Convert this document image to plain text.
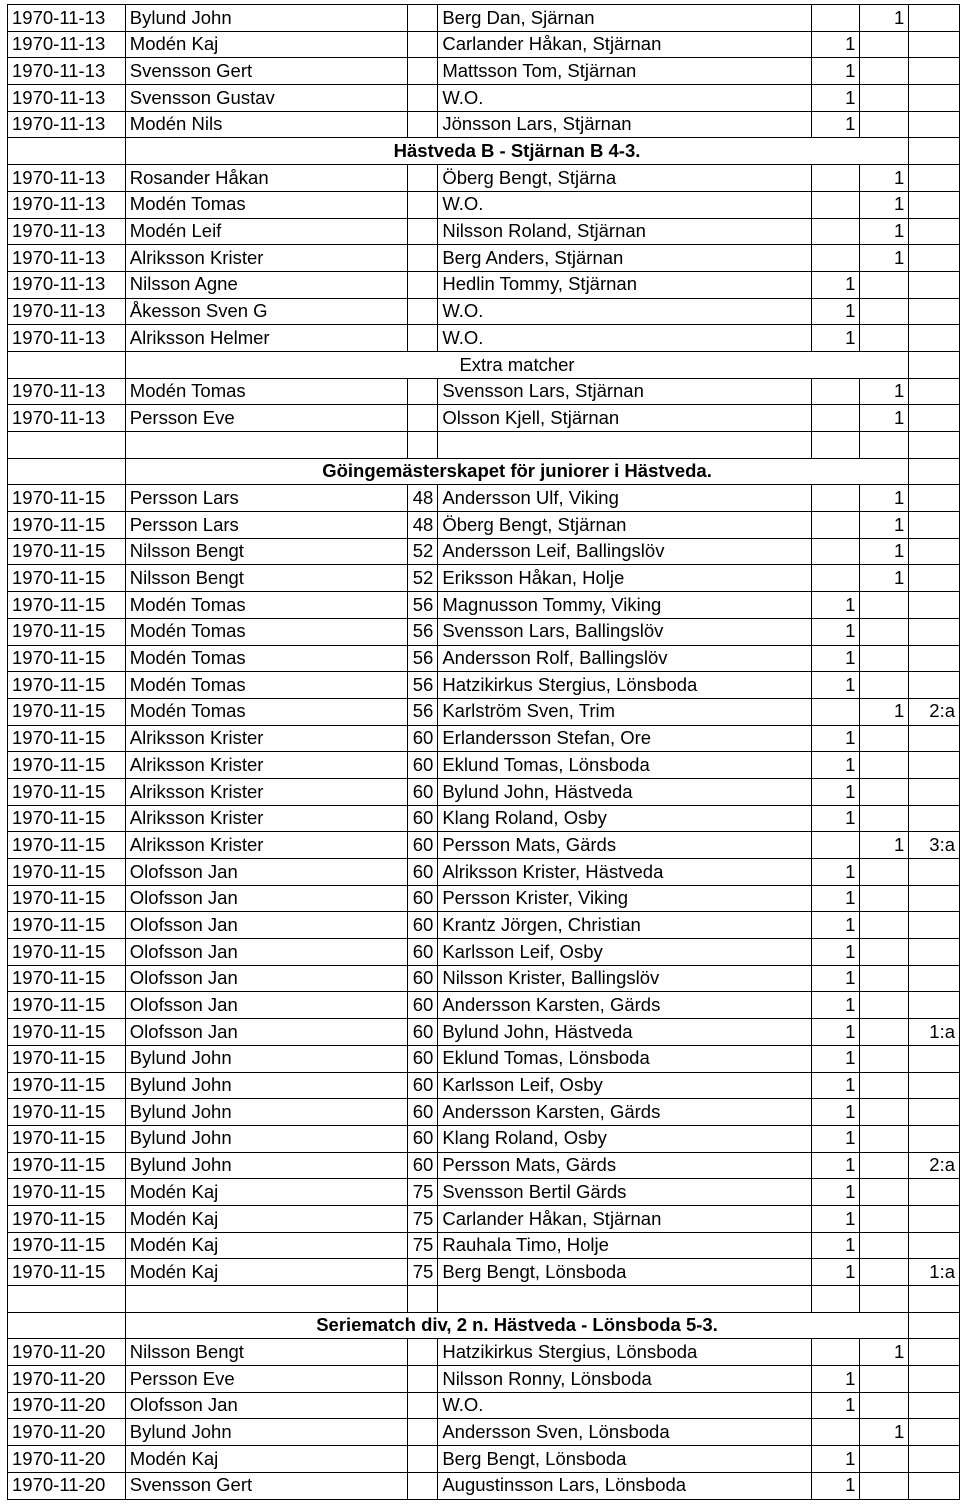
1970-11-13	Bylund John		Berg Dan, Sjärnan		1	
1970-11-13	Modén Kaj		Carlander Håkan, Stjärnan	1		
1970-11-13	Svensson Gert		Mattsson Tom, Stjärnan	1		
1970-11-13	Svensson Gustav		W.O.	1		
1970-11-13	Modén Nils		Jönsson Lars, Stjärnan	1		
	Hästveda B - Stjärnan B 4-3.					
1970-11-13	Rosander Håkan		Öberg Bengt, Stjärna		1	
1970-11-13	Modén Tomas		W.O.		1	
1970-11-13	Modén Leif		Nilsson Roland, Stjärnan		1	
1970-11-13	Alriksson Krister		Berg Anders, Stjärnan		1	
1970-11-13	Nilsson Agne		Hedlin Tommy, Stjärnan	1		
1970-11-13	Åkesson Sven G		W.O.	1		
1970-11-13	Alriksson Helmer		W.O.	1		
	Extra matcher					
1970-11-13	Modén Tomas		Svensson Lars, Stjärnan		1	
1970-11-13	Persson Eve		Olsson Kjell, Stjärnan		1	

	Göingemästerskapet för juniorer i Hästveda.					
1970-11-15	Persson Lars	48	Andersson Ulf, Viking		1	
1970-11-15	Persson Lars	48	Öberg Bengt, Stjärnan		1	
1970-11-15	Nilsson Bengt	52	Andersson Leif, Ballingslöv		1	
1970-11-15	Nilsson Bengt	52	Eriksson Håkan, Holje		1	
1970-11-15	Modén Tomas	56	Magnusson Tommy, Viking	1		
1970-11-15	Modén Tomas	56	Svensson Lars, Ballingslöv	1		
1970-11-15	Modén Tomas	56	Andersson Rolf, Ballingslöv	1		
1970-11-15	Modén Tomas	56	Hatzikirkus Stergius, Lönsboda	1		
1970-11-15	Modén Tomas	56	Karlström Sven, Trim		1	2:a
1970-11-15	Alriksson Krister	60	Erlandersson Stefan, Ore	1		
1970-11-15	Alriksson Krister	60	Eklund Tomas, Lönsboda	1		
1970-11-15	Alriksson Krister	60	Bylund John, Hästveda	1		
1970-11-15	Alriksson Krister	60	Klang Roland, Osby	1		
1970-11-15	Alriksson Krister	60	Persson Mats, Gärds		1	3:a
1970-11-15	Olofsson Jan	60	Alriksson Krister, Hästveda	1		
1970-11-15	Olofsson Jan	60	Persson Krister, Viking	1		
1970-11-15	Olofsson Jan	60	Krantz Jörgen, Christian	1		
1970-11-15	Olofsson Jan	60	Karlsson Leif, Osby	1		
1970-11-15	Olofsson Jan	60	Nilsson Krister, Ballingslöv	1		
1970-11-15	Olofsson Jan	60	Andersson Karsten, Gärds	1		
1970-11-15	Olofsson Jan	60	Bylund John, Hästveda	1		1:a
1970-11-15	Bylund John	60	Eklund Tomas, Lönsboda	1		
1970-11-15	Bylund John	60	Karlsson Leif, Osby	1		
1970-11-15	Bylund John	60	Andersson Karsten, Gärds	1		
1970-11-15	Bylund John	60	Klang Roland, Osby	1		
1970-11-15	Bylund John	60	Persson Mats, Gärds	1		2:a
1970-11-15	Modén Kaj	75	Svensson Bertil Gärds	1		
1970-11-15	Modén Kaj	75	Carlander Håkan, Stjärnan	1		
1970-11-15	Modén Kaj	75	Rauhala Timo, Holje	1		
1970-11-15	Modén Kaj	75	Berg Bengt, Lönsboda	1		1:a

	Seriematch div, 2 n. Hästveda - Lönsboda 5-3.					
1970-11-20	Nilsson Bengt		Hatzikirkus Stergius, Lönsboda		1	
1970-11-20	Persson Eve		Nilsson Ronny, Lönsboda	1		
1970-11-20	Olofsson Jan		W.O.	1		
1970-11-20	Bylund John		Andersson Sven, Lönsboda		1	
1970-11-20	Modén Kaj		Berg Bengt, Lönsboda	1		
1970-11-20	Svensson Gert		Augustinsson Lars, Lönsboda	1		
